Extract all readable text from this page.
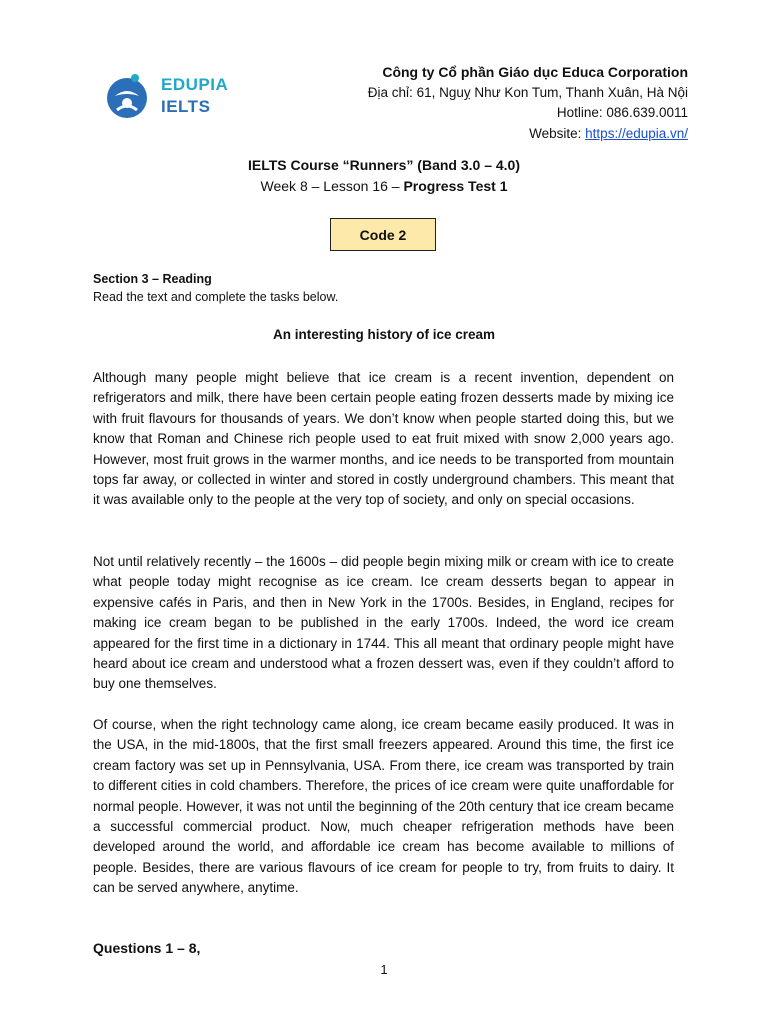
EDUPIA
IELTS
Công ty Cổ phần Giáo dục Educa Corporation
Địa chỉ: 61, Nguỵ Như Kon Tum, Thanh Xuân, Hà Nội
Hotline: 086.639.0011
Website: https://edupia.vn/
IELTS Course “Runners” (Band 3.0 – 4.0)
Week 8 – Lesson 16 – Progress Test 1
Code 2
Section 3 – Reading
Read the text and complete the tasks below.
An interesting history of ice cream

Although many people might believe that ice cream is a recent invention, dependent on refrigerators and milk, there have been certain people eating frozen desserts made by mixing ice with fruit flavours for thousands of years. We don’t know when people started doing this, but we know that Roman and Chinese rich people used to eat fruit mixed with snow 2,000 years ago. However, most fruit grows in the warmer months, and ice needs to be transported from mountain tops far away, or collected in winter and stored in costly underground chambers. This meant that it was available only to the people at the very top of society, and only on special occasions.

Not until relatively recently – the 1600s – did people begin mixing milk or cream with ice to create what people today might recognise as ice cream. Ice cream desserts began to appear in expensive cafés in Paris, and then in New York in the 1700s. Besides, in England, recipes for making ice cream began to be published in the early 1700s. Indeed, the word ice cream appeared for the first time in a dictionary in 1744. This all meant that ordinary people might have heard about ice cream and understood what a frozen dessert was, even if they couldn’t afford to buy one themselves.

Of course, when the right technology came along, ice cream became easily produced. It was in the USA, in the mid-1800s, that the first small freezers appeared. Around this time, the first ice cream factory was set up in Pennsylvania, USA. From there, ice cream was transported by train to different cities in cold chambers. Therefore, the prices of ice cream were quite unaffordable for normal people. However, it was not until the beginning of the 20th century that ice cream became a successful commercial product. Now, much cheaper refrigeration methods have been developed around the world, and affordable ice cream has become available to millions of people. Besides, there are various flavours of ice cream for people to try, from fruits to dairy. It can be served anywhere, anytime.

Questions 1 – 8,
1
